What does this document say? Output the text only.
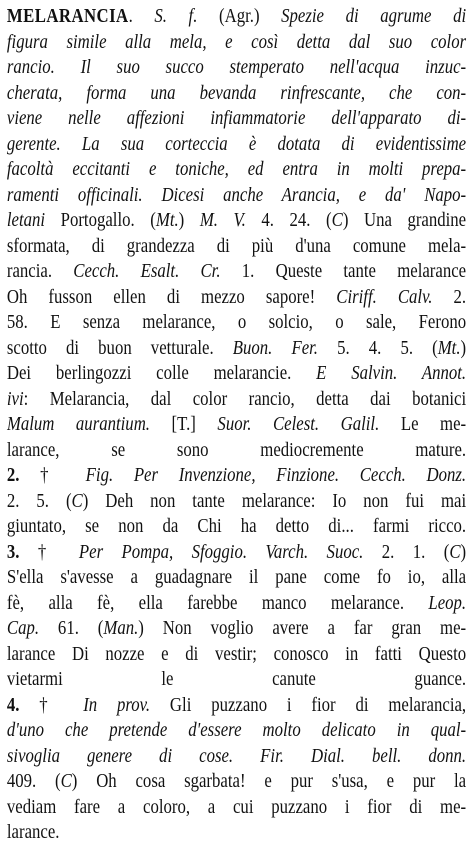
MELARANCIA. S. f. (Agr.) Spezie di agrume di
figura simile alla mela, e così detta dal suo color
rancio. Il suo succo stemperato nell'acqua inzuc-
cherata, forma una bevanda rinfrescante, che con-
viene nelle affezioni infiammatorie dell'apparato di-
gerente. La sua corteccia è dotata di evidentissime
facoltà eccitanti e toniche, ed entra in molti prepa-
ramenti officinali. Dicesi anche Arancia, e da' Napo-
letani Portogallo. (Mt.) M. V. 4. 24. (C) Una grandine
sformata, di grandezza di più d'una comune mela-
rancia. Cecch. Esalt. Cr. 1. Queste tante melarance
Oh fusson ellen di mezzo sapore! Ciriff. Calv. 2.
58. E senza melarance, o solcio, o sale, Ferono
scotto di buon vetturale. Buon. Fer. 5. 4. 5. (Mt.)
Dei berlingozzi colle melarancie. E Salvin. Annot.
ivi: Melarancia, dal color rancio, detta dai botanici
Malum aurantium. [T.] Suor. Celest. Galil. Le me-
larance, se sono mediocremente mature.
2. † Fig. Per Invenzione, Finzione. Cecch. Donz.
2. 5. (C) Deh non tante melarance: Io non fui mai
giuntato, se non da Chi ha detto di... farmi ricco.
3. † Per Pompa, Sfoggio. Varch. Suoc. 2. 1. (C)
S'ella s'avesse a guadagnare il pane come fo io, alla
fè, alla fè, ella farebbe manco melarance. Leop.
Cap. 61. (Man.) Non voglio avere a far gran me-
larance Di nozze e di vestir; conosco in fatti Questo
vietarmi le canute guance.
4. † In prov. Gli puzzano i fior di melarancia,
d'uno che pretende d'essere molto delicato in qual-
sivoglia genere di cose. Fir. Dial. bell. donn.
409. (C) Oh cosa sgarbata! e pur s'usa, e pur la
vediam fare a coloro, a cui puzzano i fior di me-
larance.
